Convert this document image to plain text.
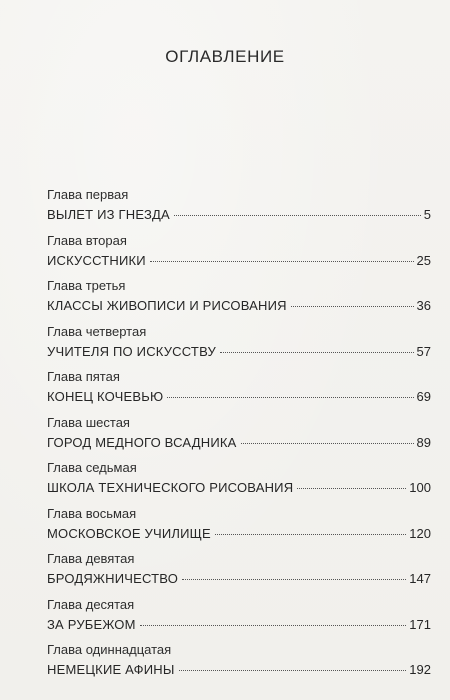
ОГЛАВЛЕНИЕ
Глава первая
ВЫЛЕТ ИЗ ГНЕЗДА	5
Глава вторая
ИСКУССТНИКИ	25
Глава третья
КЛАССЫ ЖИВОПИСИ И РИСОВАНИЯ	36
Глава четвертая
УЧИТЕЛЯ ПО ИСКУССТВУ	57
Глава пятая
КОНЕЦ КОЧЕВЬЮ	69
Глава шестая
ГОРОД МЕДНОГО ВСАДНИКА	89
Глава седьмая
ШКОЛА ТЕХНИЧЕСКОГО РИСОВАНИЯ	100
Глава восьмая
МОСКОВСКОЕ УЧИЛИЩЕ	120
Глава девятая
БРОДЯЖНИЧЕСТВО	147
Глава десятая
ЗА РУБЕЖОМ	171
Глава одиннадцатая
НЕМЕЦКИЕ АФИНЫ	192
